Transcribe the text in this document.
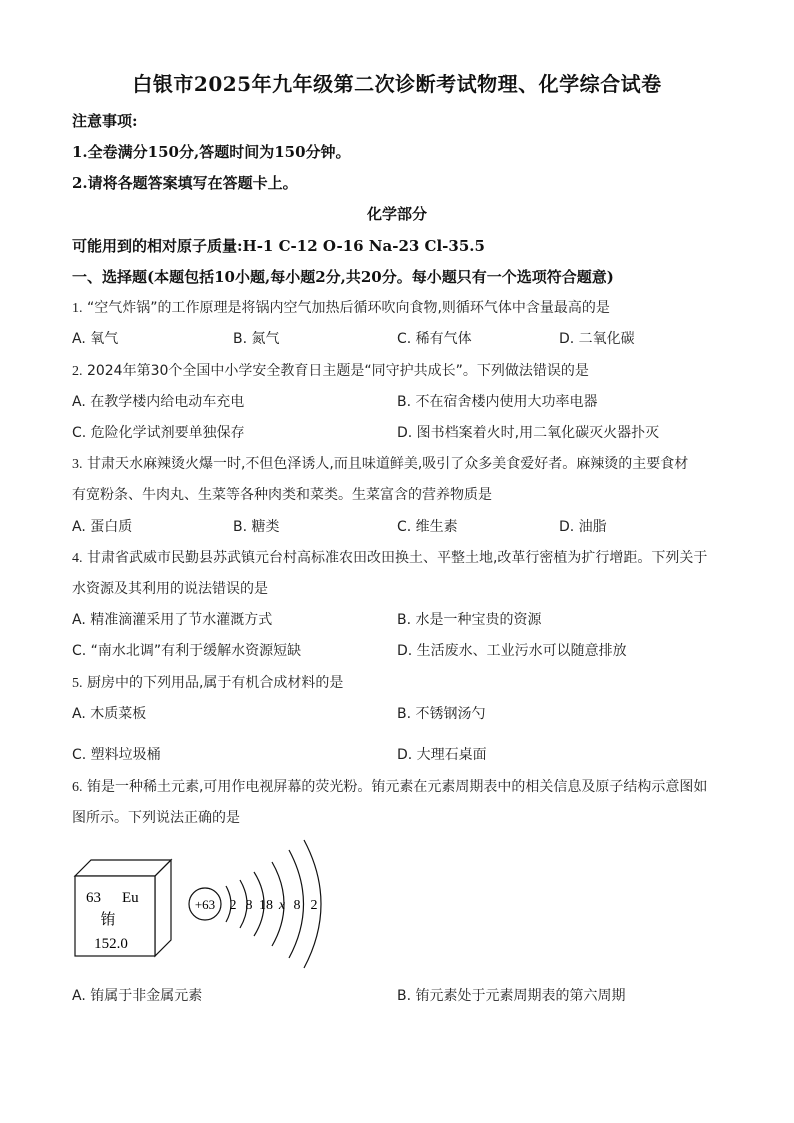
白银市2025年九年级第二次诊断考试物理、化学综合试卷
注意事项:
1.全卷满分150分,答题时间为150分钟。
2.请将各题答案填写在答题卡上。
化学部分
可能用到的相对原子质量:H-1 C-12 O-16 Na-23 Cl-35.5
一、选择题(本题包括10小题,每小题2分,共20分。每小题只有一个选项符合题意)
1. “空气炸锅”的工作原理是将锅内空气加热后循环吹向食物,则循环气体中含量最高的是
A. 氧气	B. 氮气	C. 稀有气体	D. 二氧化碳
2. 2024年第30个全国中小学安全教育日主题是“同守护共成长”。下列做法错误的是
A. 在教学楼内给电动车充电	B. 不在宿舍楼内使用大功率电器
C. 危险化学试剂要单独保存	D. 图书档案着火时,用二氧化碳灭火器扑灭
3. 甘肃天水麻辣烫火爆一时,不但色泽诱人,而且味道鲜美,吸引了众多美食爱好者。麻辣烫的主要食材
有宽粉条、牛肉丸、生菜等各种肉类和菜类。生菜富含的营养物质是
A. 蛋白质	B. 糖类	C. 维生素	D. 油脂
4. 甘肃省武威市民勤县苏武镇元台村高标准农田改田换土、平整土地,改革行密植为扩行增距。下列关于
水资源及其利用的说法错误的是
A. 精准滴灌采用了节水灌溉方式	B. 水是一种宝贵的资源
C. “南水北调”有利于缓解水资源短缺	D. 生活废水、工业污水可以随意排放
5. 厨房中的下列用品,属于有机合成材料的是
A. 木质菜板	B. 不锈钢汤勺
C. 塑料垃圾桶	D. 大理石桌面
6. 铕是一种稀土元素,可用作电视屏幕的荧光粉。铕元素在元素周期表中的相关信息及原子结构示意图如
图所示。下列说法正确的是
63 Eu
铕
152.0
+63 2 8 18 x 8 2
A. 铕属于非金属元素	B. 铕元素处于元素周期表的第六周期
